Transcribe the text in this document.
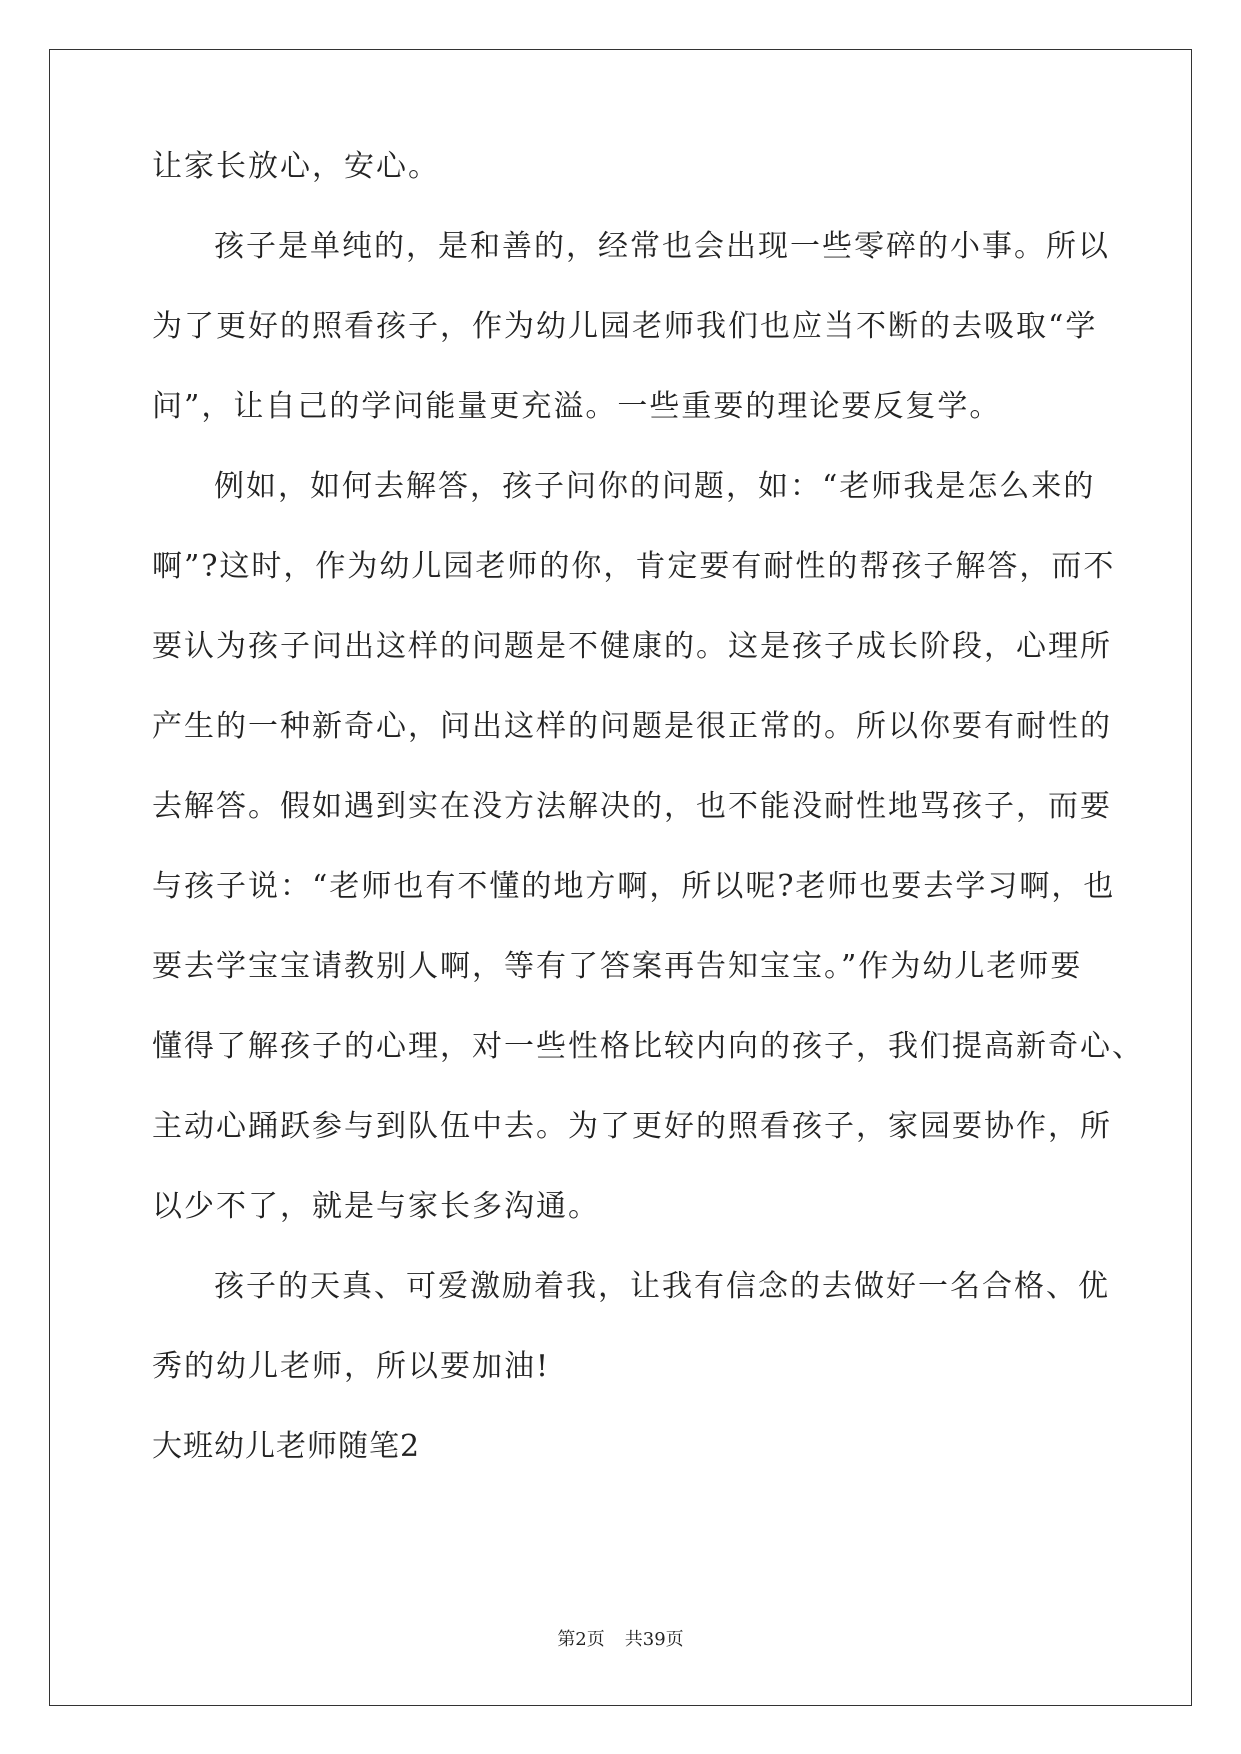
让家长放心，安心。
孩子是单纯的，是和善的，经常也会出现一些零碎的小事。所以
为了更好的照看孩子，作为幼儿园老师我们也应当不断的去吸取“学
问”，让自己的学问能量更充溢。一些重要的理论要反复学。
例如，如何去解答，孩子问你的问题，如：“老师我是怎么来的
啊”?这时，作为幼儿园老师的你，肯定要有耐性的帮孩子解答，而不
要认为孩子问出这样的问题是不健康的。这是孩子成长阶段，心理所
产生的一种新奇心，问出这样的问题是很正常的。所以你要有耐性的
去解答。假如遇到实在没方法解决的，也不能没耐性地骂孩子，而要
与孩子说：“老师也有不懂的地方啊，所以呢?老师也要去学习啊，也
要去学宝宝请教别人啊，等有了答案再告知宝宝。”作为幼儿老师要
懂得了解孩子的心理，对一些性格比较内向的孩子，我们提高新奇心、
主动心踊跃参与到队伍中去。为了更好的照看孩子，家园要协作，所
以少不了，就是与家长多沟通。
孩子的天真、可爱激励着我，让我有信念的去做好一名合格、优
秀的幼儿老师，所以要加油!
大班幼儿老师随笔2
第2页 共39页
